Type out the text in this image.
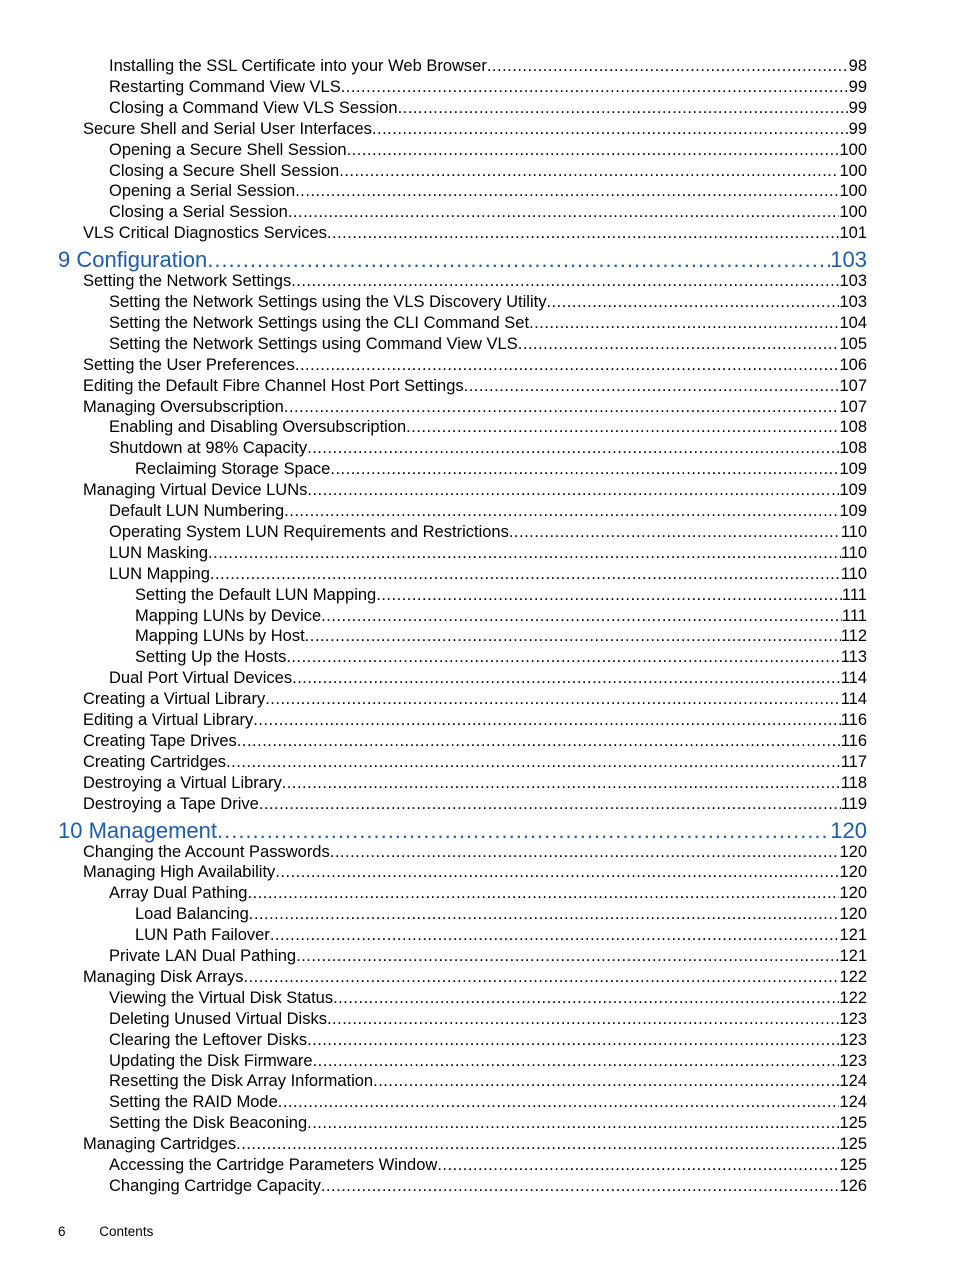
Installing the SSL Certificate into your Web Browser .....	98
Restarting Command View VLS .....	99
Closing a Command View VLS Session .....	99
Secure Shell and Serial User Interfaces .....	99
Opening a Secure Shell Session .....	100
Closing a Secure Shell Session .....	100
Opening a Serial Session .....	100
Closing a Serial Session .....	100
VLS Critical Diagnostics Services .....	101
9 Configuration .....	103
Setting the Network Settings .....	103
Setting the Network Settings using the VLS Discovery Utility .....	103
Setting the Network Settings using the CLI Command Set .....	104
Setting the Network Settings using Command View VLS .....	105
Setting the User Preferences .....	106
Editing the Default Fibre Channel Host Port Settings .....	107
Managing Oversubscription .....	107
Enabling and Disabling Oversubscription .....	108
Shutdown at 98% Capacity .....	108
Reclaiming Storage Space .....	109
Managing Virtual Device LUNs .....	109
Default LUN Numbering .....	109
Operating System LUN Requirements and Restrictions .....	110
LUN Masking .....	110
LUN Mapping .....	110
Setting the Default LUN Mapping .....	111
Mapping LUNs by Device .....	111
Mapping LUNs by Host .....	112
Setting Up the Hosts .....	113
Dual Port Virtual Devices .....	114
Creating a Virtual Library .....	114
Editing a Virtual Library .....	116
Creating Tape Drives .....	116
Creating Cartridges .....	117
Destroying a Virtual Library .....	118
Destroying a Tape Drive .....	119
10 Management .....	120
Changing the Account Passwords .....	120
Managing High Availability .....	120
Array Dual Pathing .....	120
Load Balancing .....	120
LUN Path Failover .....	121
Private LAN Dual Pathing .....	121
Managing Disk Arrays .....	122
Viewing the Virtual Disk Status .....	122
Deleting Unused Virtual Disks .....	123
Clearing the Leftover Disks .....	123
Updating the Disk Firmware .....	123
Resetting the Disk Array Information .....	124
Setting the RAID Mode .....	124
Setting the Disk Beaconing .....	125
Managing Cartridges .....	125
Accessing the Cartridge Parameters Window .....	125
Changing Cartridge Capacity .....	126
6	Contents
